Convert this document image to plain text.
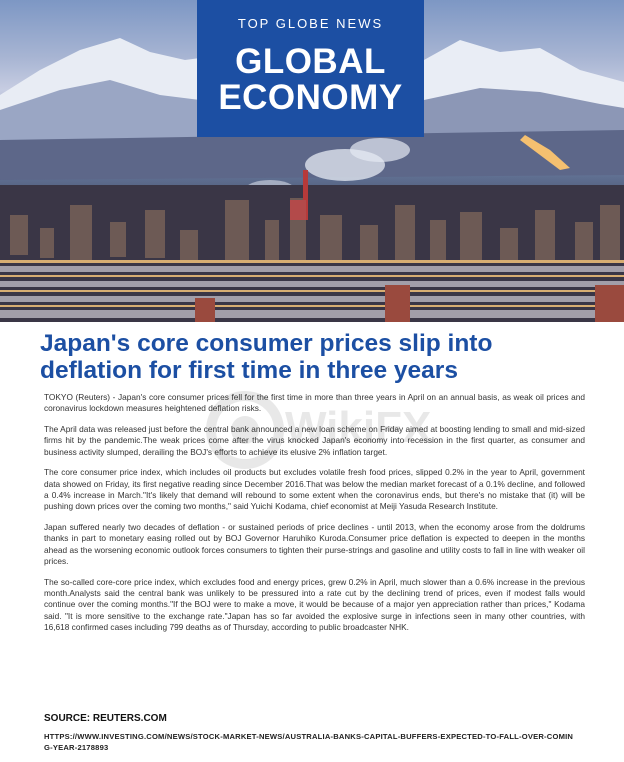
TOP GLOBE NEWS
GLOBAL
ECONOMY
Japan's core consumer prices slip into deflation for first time in three years
WikiFX

TOKYO (Reuters) - Japan's core consumer prices fell for the first time in more than three years in April on an annual basis, as weak oil prices and coronavirus lockdown measures heightened deflation risks.

The April data was released just before the central bank announced a new loan scheme on Friday aimed at boosting lending to small and mid-sized firms hit by the pandemic.The weak prices come after the virus knocked Japan's economy into recession in the first quarter, as consumer and business activity slumped, derailing the BOJ's efforts to achieve its elusive 2% inflation target.

The core consumer price index, which includes oil products but excludes volatile fresh food prices, slipped 0.2% in the year to April, government data showed on Friday, its first negative reading since December 2016.That was below the median market forecast of a 0.1% decline, and followed a 0.4% increase in March."It's likely that demand will rebound to some extent when the coronavirus ends, but there's no mistake that (it) will be pushing down prices over the coming two months," said Yuichi Kodama, chief economist at Meiji Yasuda Research Institute.

Japan suffered nearly two decades of deflation - or sustained periods of price declines - until 2013, when the economy arose from the doldrums thanks in part to monetary easing rolled out by BOJ Governor Haruhiko Kuroda.Consumer price deflation is expected to deepen in the months ahead as the worsening economic outlook forces consumers to tighten their purse-strings and gasoline and utility costs to fall in line with weaker oil prices.

The so-called core-core price index, which excludes food and energy prices, grew 0.2% in April, much slower than a 0.6% increase in the previous month.Analysts said the central bank was unlikely to be pressured into a rate cut by the declining trend of prices, even if modest falls would continue over the coming months."If the BOJ were to make a move, it would be because of a major yen appreciation rather than prices," Kodama said. "It is more sensitive to the exchange rate."Japan has so far avoided the explosive surge in infections seen in many other countries, with 16,618 confirmed cases including 799 deaths as of Thursday, according to public broadcaster NHK.

SOURCE: REUTERS.COM
HTTPS://WWW.INVESTING.COM/NEWS/STOCK-MARKET-NEWS/AUSTRALIA-BANKS-CAPITAL-BUFFERS-EXPECTED-TO-FALL-OVER-COMING-YEAR-2178893
